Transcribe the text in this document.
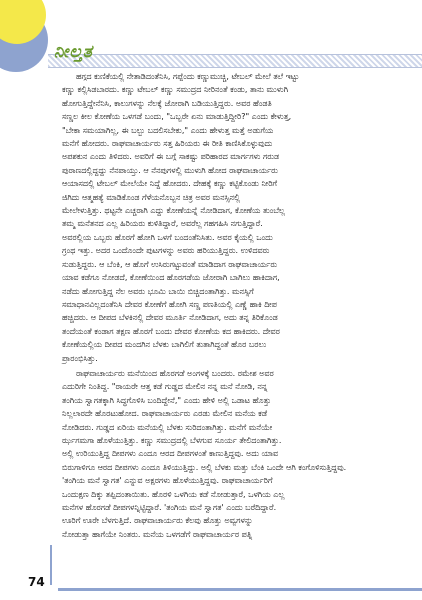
ನೀಲ್ತತ

ಹಗ್ಗದ ಕುಣಿಕೆಯಲ್ಲಿ ನೇತಾಡಿದಂತೆನಿಸಿ, ಗಪ್ಪೆಂದು ಕಣ್ಣುಮುಚ್ಚಿ, ಟೇಬಲ್ ಮೇಲೆ ತಲೆ ಇಟ್ಟು
ಕಣ್ಣು ಕಲ್ಲಿಸಿಡಬಾರದು. ಕಣ್ಣು ಟೇಬಲ್ ಕಣ್ಣು ಸಮುದ್ರದ ನೀರಿನಂತೆ ಕಂಡು, ತಾನು ಮುಳುಗಿ
ಹೋಗುತ್ತಿದ್ದೇನೆನಿಸಿ, ಕಾಲುಗಳನ್ನು ನೆಲಕ್ಕೆ ಜೋರಾಗಿ ಬಡಿಯುತ್ತಿದ್ದರು. ಅವರ ಹೆಂಡತಿ
ಸಣ್ಣಲ ಕೀಲ ಕೋಣೆಯ ಒಳಗಡೆ ಬಂದು, "ಒಬ್ಬರೇ ಏನು ಮಾಡುತ್ತಿದ್ದೀರಿ?" ಎಂದು ಕೇಳುತ್ತ,
"ಬೇಕಾ ಸಮಯಾಗಿಲ್ಲ, ಈ ಬಲ್ಬು ಬದಲಿಸಬೇಕು," ಎಂದು ಹೇಳುತ್ತ ಮತ್ತೆ ಅಡುಗೆಯ
ಮನೆಗೆ ಹೋದರು. ರಾಘವಾಚಾರ್ಯರು ಸತ್ತ ಹಿರಿಯರು ಈ ರೀತಿ ಕಾಣಿಸಿಕೊಳ್ಳುವುದು
ಅಪಶಕುನ ಎಂದು ತಿಳಿದರು. ಅವರಿಗೆ ಈ ಬಗ್ಗೆ ಸಾಕಷ್ಟು ಪರಿಹಾರದ ಮಾರ್ಗಗಳು ಗರುಡ
ಪುರಾಣದಲ್ಲಿದ್ದದ್ದು ನೆನಪಾಯ್ತು. ಆ ನೆನಪುಗಳಲ್ಲಿ ಮುಳುಗಿ ಹೋದ ರಾಘವಾಚಾರ್ಯರು
ಆಯಾಸದಲ್ಲಿ ಟೇಬಲ್ ಮೇಲೆಯೇ ನಿದ್ದೆ ಹೋದರು. ದೇಹಕ್ಕೆ ಕಣ್ಣು ಕಟ್ಟಿಕೊಂಡು ನೀರಿಗೆ
ಜಿಗಿದು ಆತ್ಮಹತ್ಯೆ ಮಾಡಿಕೊಂಡ ಗೆಳೆಯನೊಬ್ಬನ ಚಿತ್ರ ಅವರ ಮನಸ್ಸಿನಲ್ಲಿ
ಮೇಲೇಳುತ್ತಿತ್ತು. ಥಟ್ಟನೇ ಎಚ್ಚರಾಗಿ ಎದ್ದು ಕೋಣೆಯನ್ನೆ ನೋಡಿದಾಗ, ಕೋಣೆಯ ತುಂಬೆಲ್ಲ
ತಮ್ಮ ಮನೆತನದ ಎಲ್ಲ ಹಿರಿಯರು ಕುಳಿತಿದ್ದಾರೆ, ಅವರೆಲ್ಲ ಗಹಗಹಿಸಿ ನಗುತ್ತಿದ್ದಾರೆ.
ಅವರಲ್ಲಿಯ ಒಬ್ಬರು ಹೊರಗೆ ಹೋಗಿ ಒಳಗೆ ಬಂದಂತೆನಿಸಿತು. ಅವರ ಕೈಯಲ್ಲಿ ಒಂದು
ಗ್ರಂಥ ಇತ್ತು. ಅದರ ಒಂದೊಂದೇ ಪುಟಗಳನ್ನು ಅವರು ಹರಿಯುತ್ತಿದ್ದರು. ಉಳಿದವರು
ಸುಡುತ್ತಿದ್ದರು. ಆ ಬೆಂಕಿ, ಆ ಹೊಗೆ ಉಸಿರುಗಟ್ಟುವಂತೆ ಮಾಡಿದಾಗ ರಾಘವಾಚಾರ್ಯರು
ಯಾವ ಕಡೆಗೂ ನೋಡದೆ, ಕೋಣೆಯಿಂದ ಹೊರಗಡೆಯ ಜೋರಾಗಿ ಬಾಗಿಲು ಹಾಕಿದಾಗ,
ನಡೆದು ಹೋಗುತ್ತಿದ್ದ ನೆಲ ಅವರು ಭೂಮಿ ಬಾಯಿ ಬಿಚ್ಚಿದಂತಾಗಿತ್ತು. ಮನಸ್ಸಿಗೆ
ಸಮಾಧಾನವಿಲ್ಲದಂತೆನಿಸಿ ದೇವರ ಕೋಣೆಗೆ ಹೋಗಿ ಸಣ್ಣ ಪಣತಿಯಲ್ಲಿ ಎಣ್ಣೆ ಹಾಕಿ ದೀಪ
ಹಚ್ಚಿದರು. ಆ ದೀಪದ ಬೆಳಕಿನಲ್ಲಿ ದೇವರ ಮೂರ್ತಿ ನೋಡಿದಾಗ, ಅದು ತನ್ನ ತಿರಿಕೊಂಡ
ತಂದೆಯಂತೆ ಕಂಡಾಗ ತಕ್ಷಣ ಹೊರಗೆ ಬಂದು ದೇವರ ಕೋಣೆಯ ಕದ ಹಾಕಿದರು. ದೇವರ
ಕೋಣೆಯಲ್ಲಿಯ ದೀಪದ ಮಂದಗಿನ ಬೆಳಕು ಬಾಗಿಲಿಗೆ ತುತಾಗಿದ್ದಂತೆ ಹೊರ ಬರಲು
ಪ್ರಾರಂಭಿಸಿತ್ತು.

ರಾಘವಾಚಾರ್ಯರು ಮನೆಯಿಂದ ಹೊರಗಡೆ ಅಂಗಳಕ್ಕೆ ಬಂದರು. ರಮೇಶ ಅವರ
ಎದುರಿಗೇ ನಿಂತಿದ್ದ. "ರಾಯರೇ ಆತ್ತ ಕಡೆ ಗುಡ್ಡದ ಮೇಲಿನ ನನ್ನ ಮನೆ ನೋಡಿ, ನನ್ನ
ತಂಗಿಯ ಸ್ವಾಗತಕ್ಕಾಗಿ ಸಿದ್ಧಗೊಳಿಸಿ ಬಂದಿದ್ದೇನೆ," ಎಂದು ಹೇಳಿ ಅಲ್ಲಿ ಒಡಾಟ ಹೊತ್ತು
ನಿಲ್ಲಲಾರದೇ ಹೊರಟುಹೋದ. ರಾಘವಾಚಾರ್ಯರು ಎರಡು ಮೇಲಿನ ಮನೆಯ ಕಡೆ
ನೋಡಿದರು. ಗುಡ್ಡದ ಏರಿಯ ಮನೆಯಲ್ಲಿ ಬೆಳಕು ಸುರಿದಂತಾಗಿತ್ತು. ಮನೆಗೆ ಮನೆಯೇ
ರ್ಝಗಮಗಾ ಹೊಳೆಯುತ್ತಿತ್ತು. ಕಣ್ಣು ಸಮುದ್ರದಲ್ಲಿ ಬೆಳಗುವ ಸೂರ್ಯ ತೇಲಿದಂತಾಗಿತ್ತು.
ಅಲ್ಲಿ ಉರಿಯುತ್ತಿದ್ದ ದೀಪಗಳು ಎಂದೂ ಆರದ ದೀಪಗಳಂತೆ ಕಾಣುತ್ತಿದ್ದವು. ಅದು ಯಾವ
ಬಿರುಗಾಳಿಗೂ ಆರದ ದೀಪಗಳು ಎಂದೂ ತಿಳಿಯುತ್ತಿದ್ದು. ಅಲ್ಲಿ ಬೆಳಕು ಮತ್ತು ಬೆಂಕಿ ಒಂದೇ ಆಗಿ ಕಂಗೊಳಿಸುತ್ತಿದ್ದವು.
'ತಂಗಿಯ ಮನೆ ಸ್ವಾಗತ' ಎನ್ನುವ ಅಕ್ಷರಗಳು ಹೊಳೆಯುತ್ತಿದ್ದವು. ರಾಘವಾಚಾರ್ಯರಿಗೆ
ಒಂದುಕ್ಷಣ ದಿಕ್ಕು ತಪ್ಪಿದಂತಾಯಿತು. ಹೊರಳಿ ಒಳಗಿಯ ಕಡೆ ನೋಡುತ್ತಾರೆ, ಒಳಗಿಯ ಎಲ್ಲ
ಮನೆಗಳ ಹೊರಗಡೆ ದೀಪಗಳನ್ನಿಟ್ಟಿದ್ದಾರೆ. 'ತಂಗಿಯ ಮನೆ ಸ್ವಾಗತ' ಎಂದು ಬರೆದಿದ್ದಾರೆ.
ಊರಿಗೆ ಊರೇ ಬೆಳಗುತ್ತಿದೆ. ರಾಘವಾಚಾರ್ಯರು ಕೆಲವು ಹೊತ್ತು ಅವ್ವಗಳನ್ನು
ನೋಡುತ್ತಾ ಹಾಗೆಯೇ ನಿಂತರು. ಮನೆಯ ಒಳಗಡೆಗೆ ರಾಘವಾಚಾರ್ಯರ ಪತ್ನಿ

74
